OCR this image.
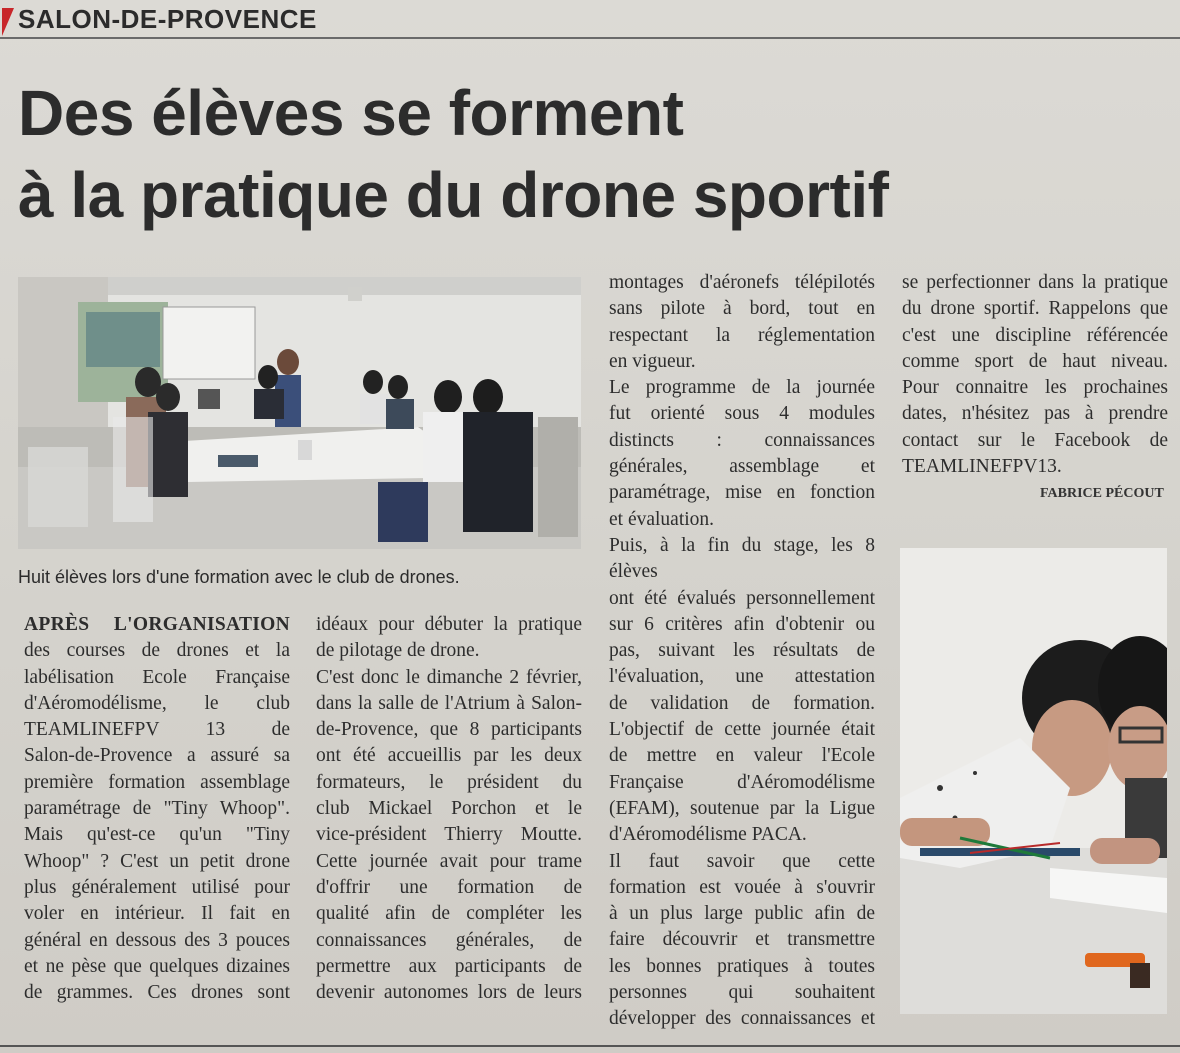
SALON-DE-PROVENCE
Des élèves se forment
à la pratique du drone sportif
Huit élèves lors d'une formation avec le club de drones.
APRÈS L'ORGANISATION
des courses de drones et la
labélisation Ecole Française
d'Aéromodélisme, le club
TEAMLINEFPV 13 de
Salon-de-Provence a assuré sa
première formation assemblage
paramétrage de "Tiny Whoop".
Mais qu'est-ce qu'un "Tiny
Whoop" ? C'est un petit drone
plus généralement utilisé pour
voler en intérieur. Il fait en
général en dessous des 3 pouces
et ne pèse que quelques dizaines
de grammes. Ces drones sont
idéaux pour débuter la pratique
de pilotage de drone.
C'est donc le dimanche 2 février,
dans la salle de l'Atrium à Salon-
de-Provence, que 8 participants
ont été accueillis par les deux
formateurs, le président du
club Mickael Porchon et le
vice-président Thierry Moutte.
Cette journée avait pour trame
d'offrir une formation de
qualité afin de compléter les
connaissances générales, de
permettre aux participants de
devenir autonomes lors de leurs
montages d'aéronefs télépilotés
sans pilote à bord, tout en
respectant la réglementation
en vigueur.
Le programme de la journée
fut orienté sous 4 modules
distincts : connaissances
générales, assemblage et
paramétrage, mise en fonction
et évaluation.
Puis, à la fin du stage, les 8 élèves
ont été évalués personnellement
sur 6 critères afin d'obtenir ou
pas, suivant les résultats de
l'évaluation, une attestation
de validation de formation.
L'objectif de cette journée était
de mettre en valeur l'Ecole
Française d'Aéromodélisme
(EFAM), soutenue par la Ligue
d'Aéromodélisme PACA.
Il faut savoir que cette
formation est vouée à s'ouvrir
à un plus large public afin de
faire découvrir et transmettre
les bonnes pratiques à toutes
personnes qui souhaitent
développer des connaissances et
se perfectionner dans la pratique
du drone sportif. Rappelons que
c'est une discipline référencée
comme sport de haut niveau.
Pour connaitre les prochaines
dates, n'hésitez pas à prendre
contact sur le Facebook de
TEAMLINEFPV13.
FABRICE PÉCOUT
